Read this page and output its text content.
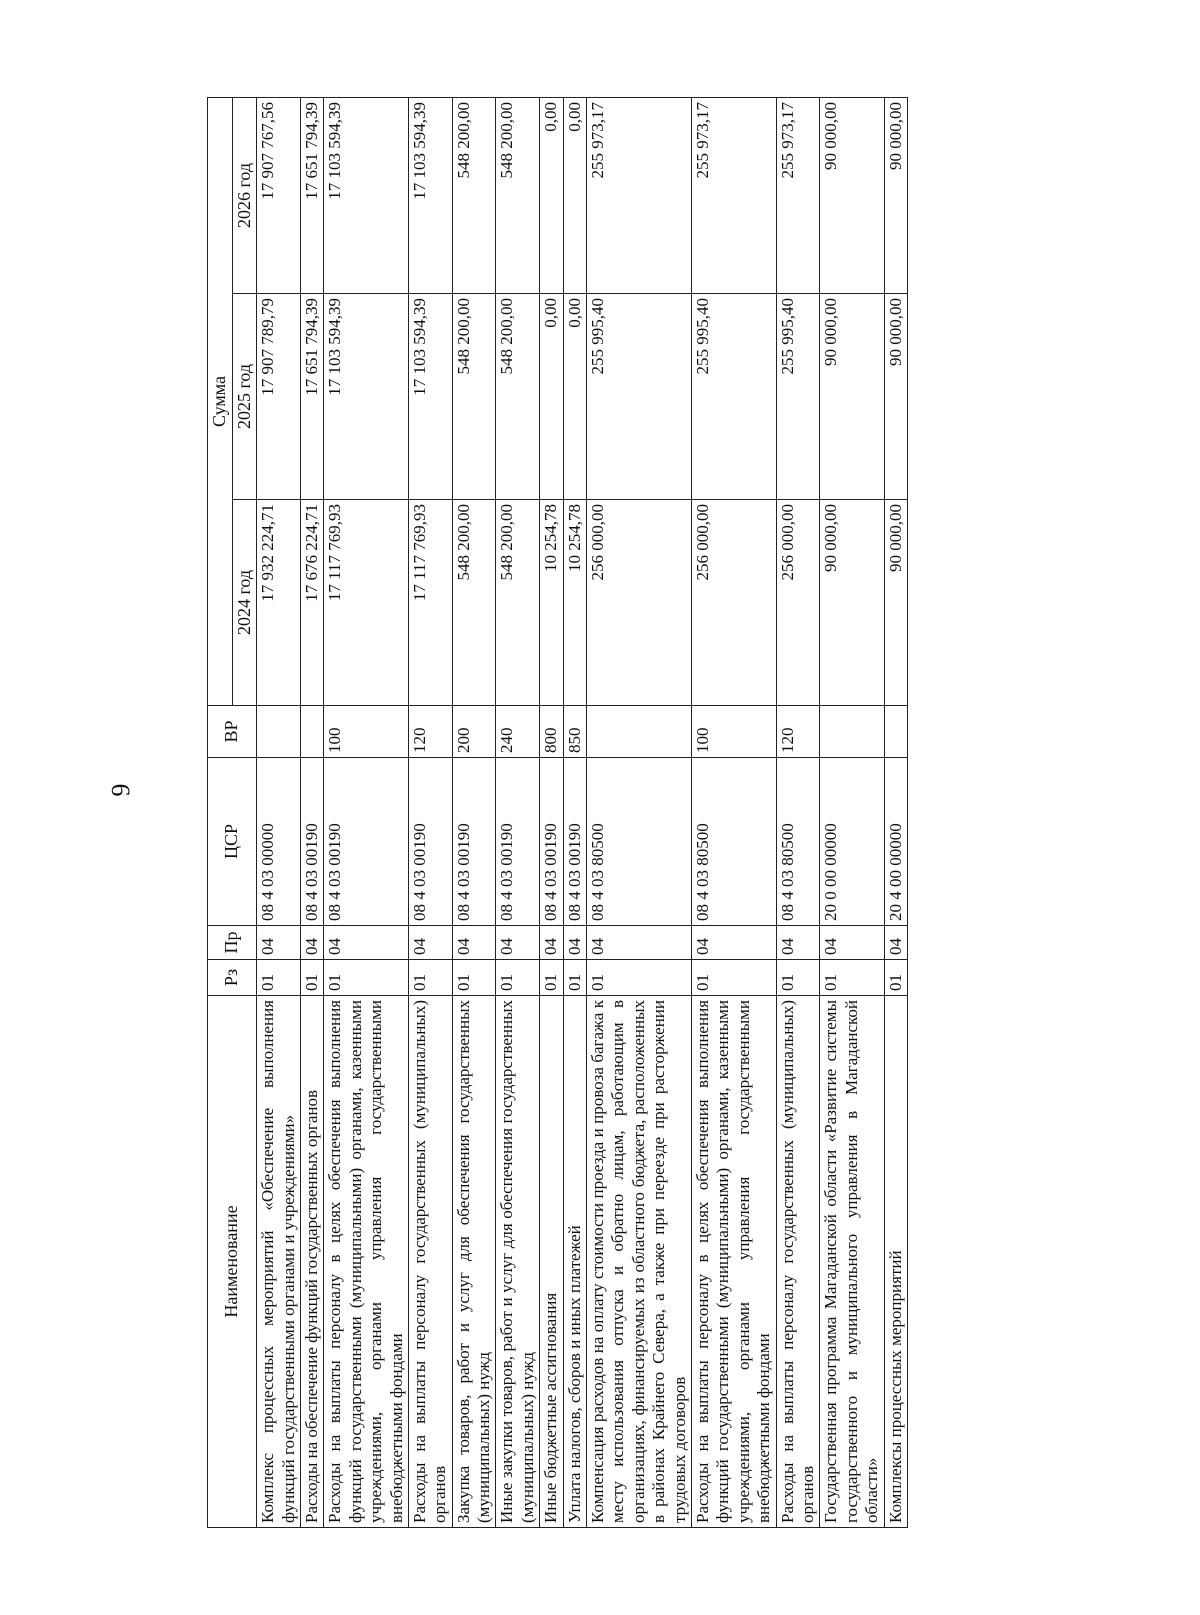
6
Наименование	Рз	Пр	ЦСР	ВР	Сумма		
					2024 год	2025 год	2026 год
Комплекс процессных мероприятий «Обеспечение выполнения функций государственными органами и учреждениями»	01	04	08 4 03 00000		17 932 224,71	17 907 789,79	17 907 767,56
Расходы на обеспечение функций государственных органов	01	04	08 4 03 00190		17 676 224,71	17 651 794,39	17 651 794,39
Расходы на выплаты персоналу в целях обеспечения выполнения функций государственными (муниципальными) органами, казенными учреждениями, органами управления государственными внебюджетными фондами	01	04	08 4 03 00190	100	17 117 769,93	17 103 594,39	17 103 594,39
Расходы на выплаты персоналу государственных (муниципальных) органов	01	04	08 4 03 00190	120	17 117 769,93	17 103 594,39	17 103 594,39
Закупка товаров, работ и услуг для обеспечения государственных (муниципальных) нужд	01	04	08 4 03 00190	200	548 200,00	548 200,00	548 200,00
Иные закупки товаров, работ и услуг для обеспечения государственных (муниципальных) нужд	01	04	08 4 03 00190	240	548 200,00	548 200,00	548 200,00
Иные бюджетные ассигнования	01	04	08 4 03 00190	800	10 254,78	0,00	0,00
Уплата налогов, сборов и иных платежей	01	04	08 4 03 00190	850	10 254,78	0,00	0,00
Компенсация расходов на оплату стоимости проезда и провоза багажа к месту использования отпуска и обратно лицам, работающим в организациях, финансируемых из областного бюджета, расположенных в районах Крайнего Севера, а также при переезде при расторжении трудовых договоров	01	04	08 4 03 80500		256 000,00	255 995,40	255 973,17
Расходы на выплаты персоналу в целях обеспечения выполнения функций государственными (муниципальными) органами, казенными учреждениями, органами управления государственными внебюджетными фондами	01	04	08 4 03 80500	100	256 000,00	255 995,40	255 973,17
Расходы на выплаты персоналу государственных (муниципальных) органов	01	04	08 4 03 80500	120	256 000,00	255 995,40	255 973,17
Государственная программа Магаданской области «Развитие системы государственного и муниципального управления в Магаданской области»	01	04	20 0 00 00000		90 000,00	90 000,00	90 000,00
Комплексы процессных мероприятий	01	04	20 4 00 00000		90 000,00	90 000,00	90 000,00
